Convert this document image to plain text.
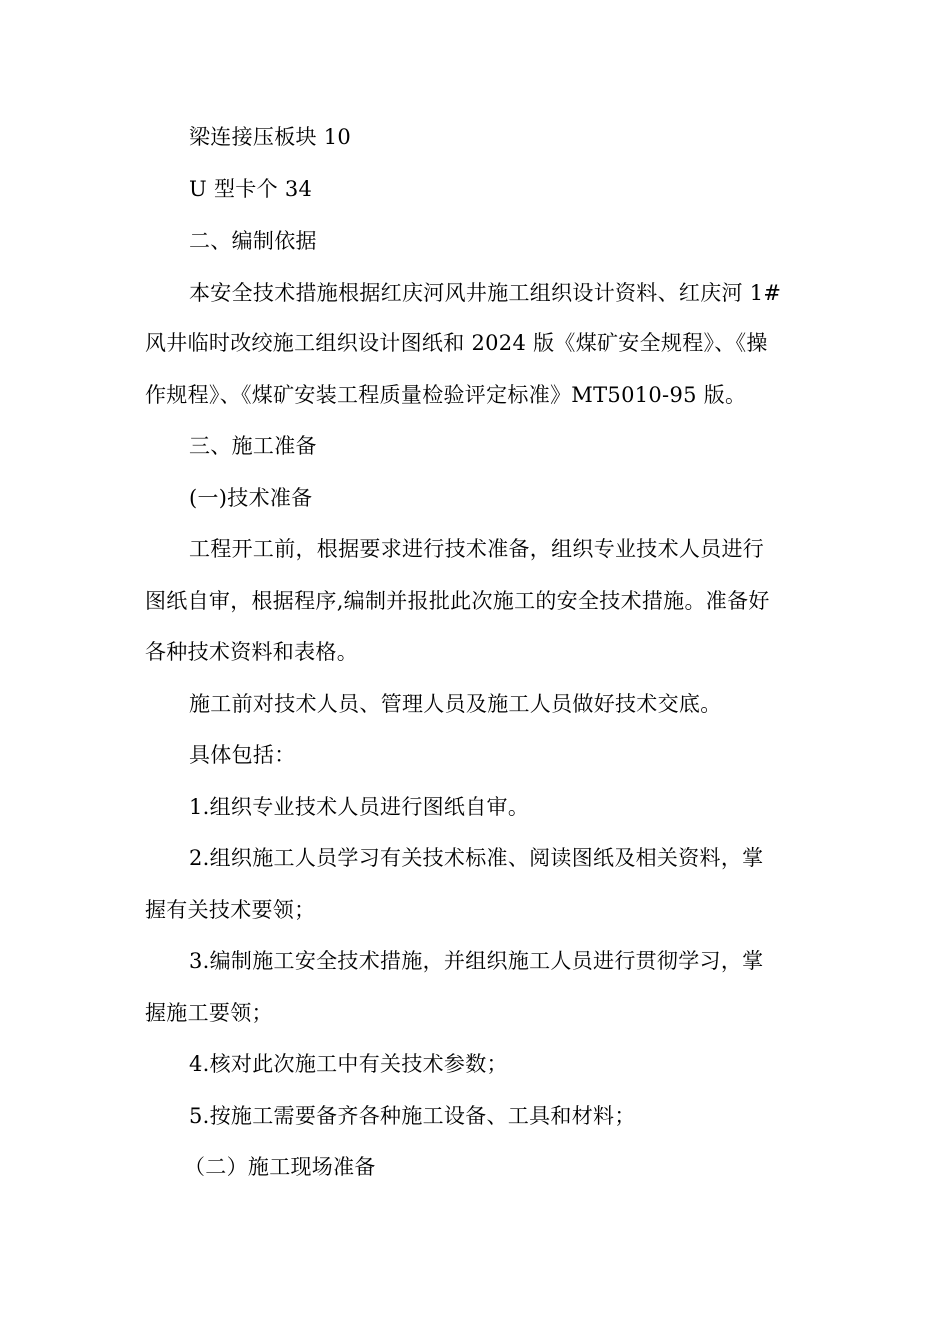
梁连接压板块 10
U 型卡个 34
二、编制依据
本安全技术措施根据红庆河风井施工组织设计资料、红庆河 1#
风井临时改绞施工组织设计图纸和 2024 版《煤矿安全规程》、《操
作规程》、《煤矿安装工程质量检验评定标准》MT5010-95 版。
三、施工准备
(一)技术准备
工程开工前，根据要求进行技术准备，组织专业技术人员进行
图纸自审，根据程序,编制并报批此次施工的安全技术措施。准备好
各种技术资料和表格。
施工前对技术人员、管理人员及施工人员做好技术交底。
具体包括：
1.组织专业技术人员进行图纸自审。
2.组织施工人员学习有关技术标准、阅读图纸及相关资料，掌
握有关技术要领；
3.编制施工安全技术措施，并组织施工人员进行贯彻学习，掌
握施工要领；
4.核对此次施工中有关技术参数；
5.按施工需要备齐各种施工设备、工具和材料；
（二）施工现场准备
